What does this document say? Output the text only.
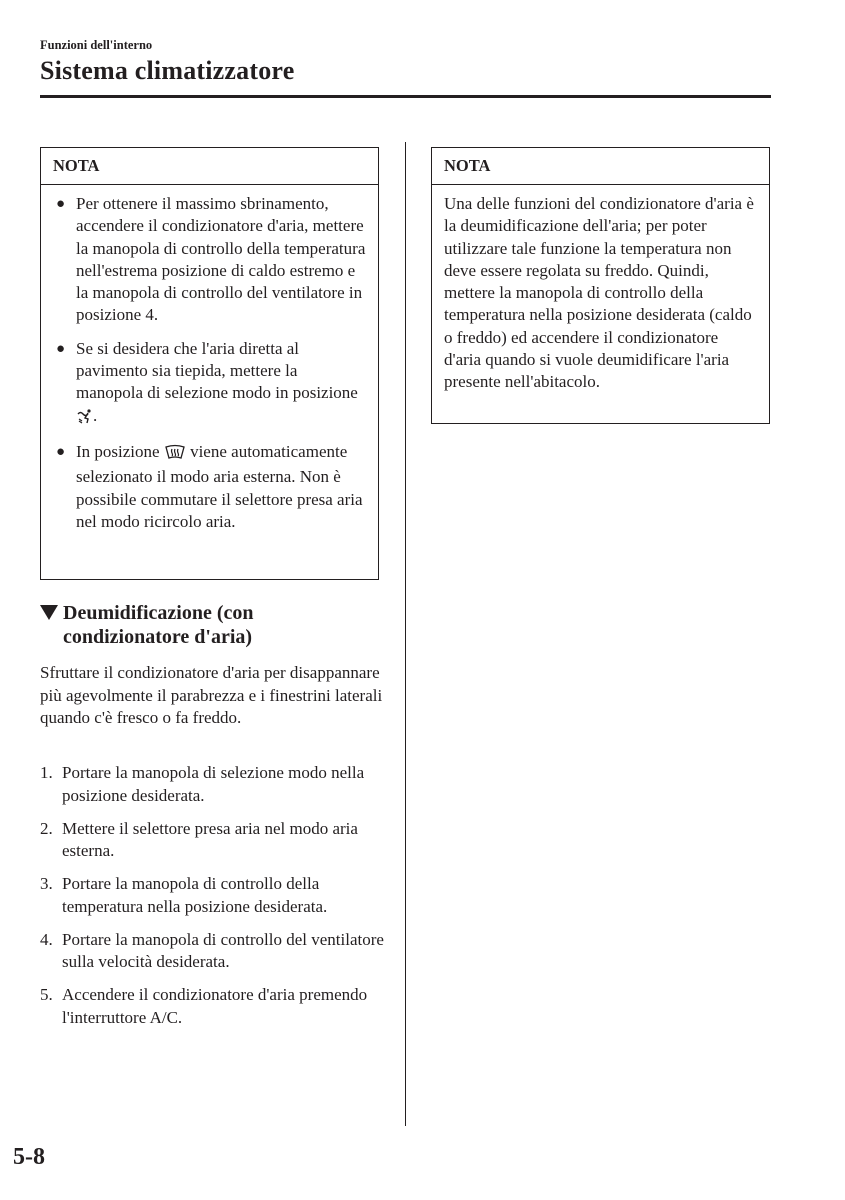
Funzioni dell'interno
Sistema climatizzatore
NOTA
● Per ottenere il massimo sbrinamento, accendere il condizionatore d'aria, mettere la manopola di controllo della temperatura nell'estrema posizione di caldo estremo e la manopola di controllo del ventilatore in posizione 4.
● Se si desidera che l'aria diretta al pavimento sia tiepida, mettere la manopola di selezione modo in posizione .
● In posizione viene automaticamente selezionato il modo aria esterna. Non è possibile commutare il selettore presa aria nel modo ricircolo aria.
NOTA
Una delle funzioni del condizionatore d'aria è la deumidificazione dell'aria; per poter utilizzare tale funzione la temperatura non deve essere regolata su freddo. Quindi, mettere la manopola di controllo della temperatura nella posizione desiderata (caldo o freddo) ed accendere il condizionatore d'aria quando si vuole deumidificare l'aria presente nell'abitacolo.
Deumidificazione (con condizionatore d'aria)

Sfruttare il condizionatore d'aria per disappannare più agevolmente il parabrezza e i finestrini laterali quando c'è fresco o fa freddo.

1. Portare la manopola di selezione modo nella posizione desiderata.
2. Mettere il selettore presa aria nel modo aria esterna.
3. Portare la manopola di controllo della temperatura nella posizione desiderata.
4. Portare la manopola di controllo del ventilatore sulla velocità desiderata.
5. Accendere il condizionatore d'aria premendo l'interruttore A/C.
5-8
